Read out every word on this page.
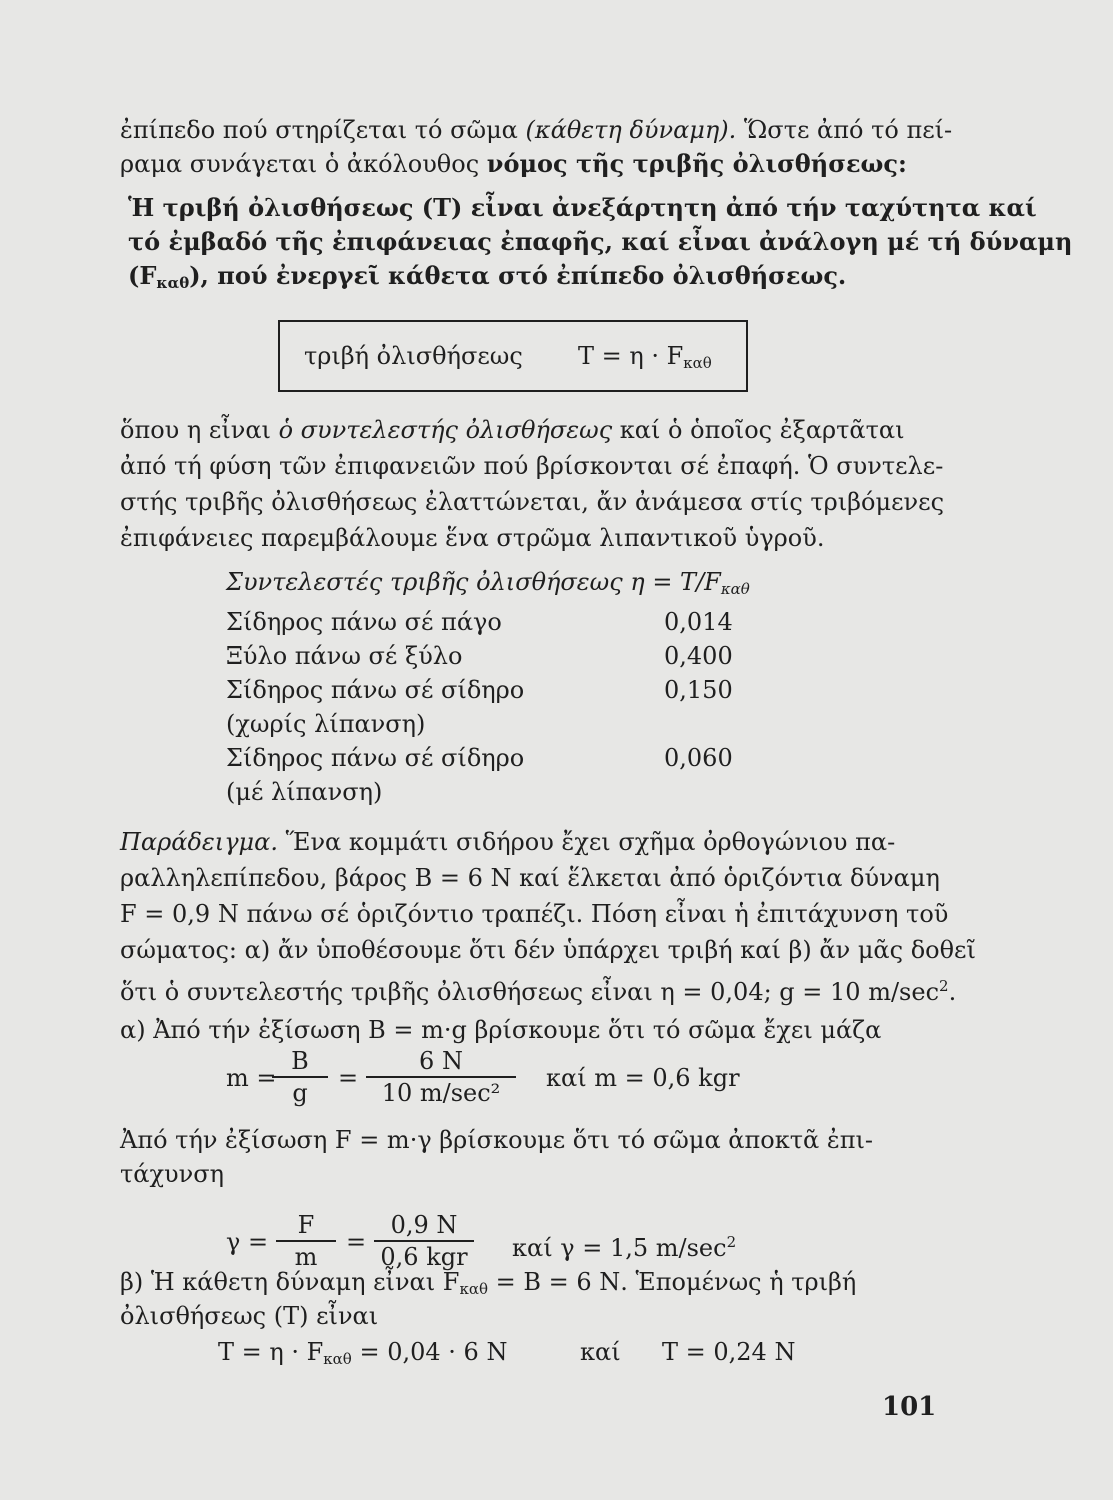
ἐπίπεδο πού στηρίζεται τό σῶμα (κάθετη δύναμη). Ὥστε ἀπό τό πεί-
ραμα συνάγεται ὁ ἀκόλουθος νόμος τῆς τριβῆς ὀλισθήσεως:
Ἡ τριβή ὀλισθήσεως (Τ) εἶναι ἀνεξάρτητη ἀπό τήν ταχύτητα καί
τό ἐμβαδό τῆς ἐπιφάνειας ἐπαφῆς, καί εἶναι ἀνάλογη μέ τή δύναμη
$(F_{\kappa\alpha\theta})$, πού ἐνεργεῖ κάθετα στό ἐπίπεδο ὀλισθήσεως.
τριβή ὀλισθήσεως $T = \eta \cdot F_{\kappa\alpha\theta}$
ὅπου η εἶναι ὁ συντελεστής ὀλισθήσεως καί ὁ ὁποῖος ἐξαρτᾶται
ἀπό τή φύση τῶν ἐπιφανειῶν πού βρίσκονται σέ ἐπαφή. Ὁ συντελε-
στής τριβῆς ὀλισθήσεως ἐλαττώνεται, ἄν ἀνάμεσα στίς τριβόμενες
ἐπιφάνειες παρεμβάλουμε ἕνα στρῶμα λιπαντικοῦ ὑγροῦ.
Συντελεστές τριβῆς ὀλισθήσεως $\eta = T/F_{\kappa\alpha\theta}$
Σίδηρος πάνω σέ πάγο	0,014
Ξύλο πάνω σέ ξύλο	0,400
Σίδηρος πάνω σέ σίδηρο	0,150
(χωρίς λίπανση)
Σίδηρος πάνω σέ σίδηρο	0,060
(μέ λίπανση)
Παράδειγμα. Ἕνα κομμάτι σιδήρου ἔχει σχῆμα ὀρθογώνιου πα-
ραλληλεπίπεδου, βάρος Β = 6 Ν καί ἕλκεται ἀπό ὁριζόντια δύναμη
F = 0,9 Ν πάνω σέ ὁριζόντιο τραπέζι. Πόση εἶναι ἡ ἐπιτάχυνση τοῦ
σώματος: α) ἄν ὑποθέσουμε ὅτι δέν ὑπάρχει τριβή καί β) ἄν μᾶς δοθεῖ
ὅτι ὁ συντελεστής τριβῆς ὀλισθήσεως εἶναι η = 0,04; g = 10 $m/\sec^2$.
α) Ἀπό τήν ἐξίσωση Β = m·g βρίσκουμε ὅτι τό σῶμα ἔχει μάζα
m =
$\frac{B}{g}$ =
6 N
10 m/sec²
καί m = 0,6 kgr
Ἀπό τήν ἐξίσωση F = m·γ βρίσκουμε ὅτι τό σῶμα ἀποκτᾶ ἐπι-
τάχυνση
$\gamma = \frac{F}{m}$ =
0,9 N
0,6 kgr καί γ = 1,5 $m/\sec^2$
β) Ἡ κάθετη δύναμη εἶναι $F_{\kappa\alpha\theta} = B = 6$ Ν. Ἑπομένως ἡ τριβή
ὀλισθήσεως (Τ) εἶναι
$T = \eta \cdot F_{\kappa\alpha\theta} = 0,04 \cdot 6$ Ν	καί Τ = 0,24 Ν
101
